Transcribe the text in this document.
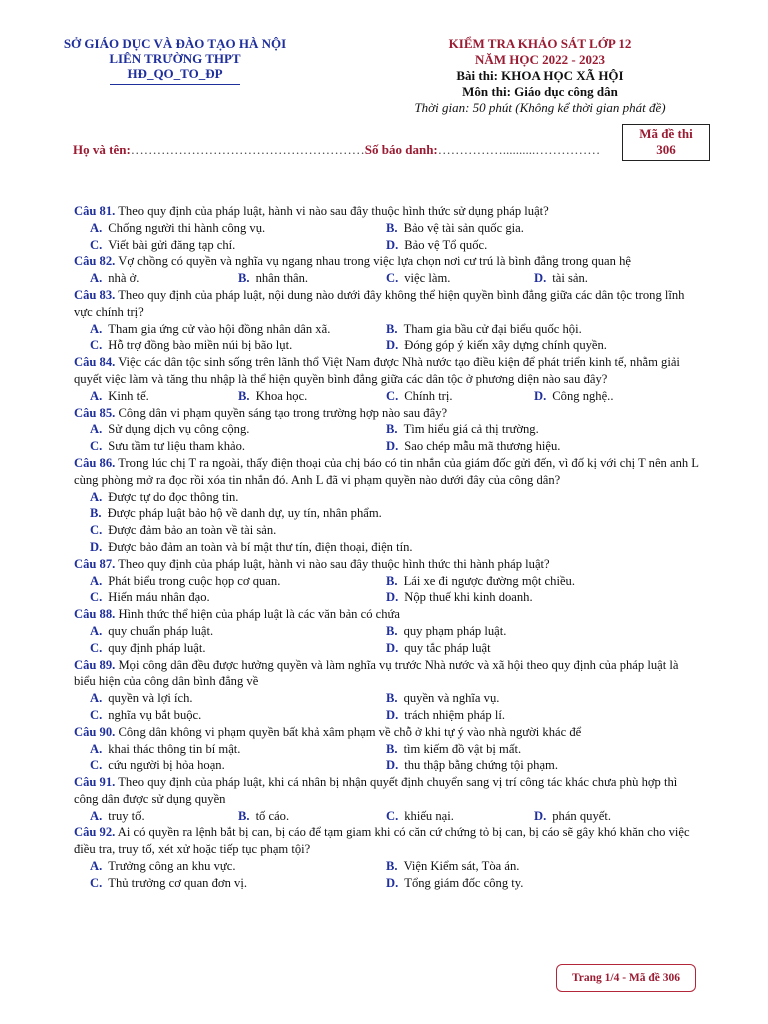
SỞ GIÁO DỤC VÀ ĐÀO TẠO HÀ NỘI
LIÊN TRƯỜNG THPT
HĐ_QO_TO_ĐP
KIỂM TRA KHẢO SÁT LỚP 12
NĂM HỌC 2022 - 2023
Bài thi: KHOA HỌC XÃ HỘI
Môn thi: Giáo dục công dân
Thời gian: 50 phút (Không kể thời gian phát đề)
Mã đề thi
306
Họ và tên:………………………………………………Số báo danh:……………..........……………
Câu 81. Theo quy định của pháp luật, hành vi nào sau đây thuộc hình thức sử dụng pháp luật?
A. Chống người thi hành công vụ.	B. Bảo vệ tài sản quốc gia.
C. Viết bài gửi đăng tạp chí.	D. Bảo vệ Tổ quốc.
Câu 82. Vợ chồng có quyền và nghĩa vụ ngang nhau trong việc lựa chọn nơi cư trú là bình đẳng trong quan hệ
A. nhà ở.	B. nhân thân.	C. việc làm.	D. tài sản.
Câu 83. Theo quy định của pháp luật, nội dung nào dưới đây không thể hiện quyền bình đẳng giữa các dân tộc trong lĩnh vực chính trị?
A. Tham gia ứng cử vào hội đồng nhân dân xã.	B. Tham gia bầu cử đại biểu quốc hội.
C. Hỗ trợ đồng bào miền núi bị bão lụt.	D. Đóng góp ý kiến xây dựng chính quyền.
Câu 84. Việc các dân tộc sinh sống trên lãnh thổ Việt Nam được Nhà nước tạo điều kiện để phát triển kinh tế, nhằm giải quyết việc làm và tăng thu nhập là thể hiện quyền bình đẳng giữa các dân tộc ở phương diện nào sau đây?
A. Kinh tế.	B. Khoa học.	C. Chính trị.	D. Công nghệ..
Câu 85. Công dân vi phạm quyền sáng tạo trong trường hợp nào sau đây?
A. Sử dụng dịch vụ công cộng.	B. Tìm hiểu giá cả thị trường.
C. Sưu tầm tư liệu tham khảo.	D. Sao chép mẫu mã thương hiệu.
Câu 86. Trong lúc chị T ra ngoài, thấy điện thoại của chị báo có tin nhắn của giám đốc gửi đến, vì đố kị với chị T nên anh L cùng phòng mở ra đọc rồi xóa tin nhắn đó. Anh L đã vi phạm quyền nào dưới đây của công dân?
A. Được tự do đọc thông tin.
B. Được pháp luật bảo hộ về danh dự, uy tín, nhân phẩm.
C. Được đảm bảo an toàn về tài sản.
D. Được bảo đảm an toàn và bí mật thư tín, điện thoại, điện tín.
Câu 87. Theo quy định của pháp luật, hành vi nào sau đây thuộc hình thức thi hành pháp luật?
A. Phát biểu trong cuộc họp cơ quan.	B. Lái xe đi ngược đường một chiều.
C. Hiến máu nhân đạo.	D. Nộp thuế khi kinh doanh.
Câu 88. Hình thức thể hiện của pháp luật là các văn bản có chứa
A. quy chuẩn pháp luật.	B. quy phạm pháp luật.
C. quy định pháp luật.	D. quy tắc pháp luật
Câu 89. Mọi công dân đều được hưởng quyền và làm nghĩa vụ trước Nhà nước và xã hội theo quy định của pháp luật là biểu hiện của công dân bình đẳng về
A. quyền và lợi ích.	B. quyền và nghĩa vụ.
C. nghĩa vụ bắt buộc.	D. trách nhiệm pháp lí.
Câu 90. Công dân không vi phạm quyền bất khả xâm phạm về chỗ ở khi tự ý vào nhà người khác để
A. khai thác thông tin bí mật.	B. tìm kiếm đồ vật bị mất.
C. cứu người bị hỏa hoạn.	D. thu thập bằng chứng tội phạm.
Câu 91. Theo quy định của pháp luật, khi cá nhân bị nhận quyết định chuyển sang vị trí công tác khác chưa phù hợp thì công dân được sử dụng quyền
A. truy tố.	B. tố cáo.	C. khiếu nại.	D. phán quyết.
Câu 92. Ai có quyền ra lệnh bắt bị can, bị cáo để tạm giam khi có căn cứ chứng tỏ bị can, bị cáo sẽ gây khó khăn cho việc điều tra, truy tố, xét xử hoặc tiếp tục phạm tội?
A. Trưởng công an khu vực.	B. Viện Kiểm sát, Tòa án.
C. Thủ trưởng cơ quan đơn vị.	D. Tổng giám đốc công ty.
Trang 1/4 - Mã đề 306
